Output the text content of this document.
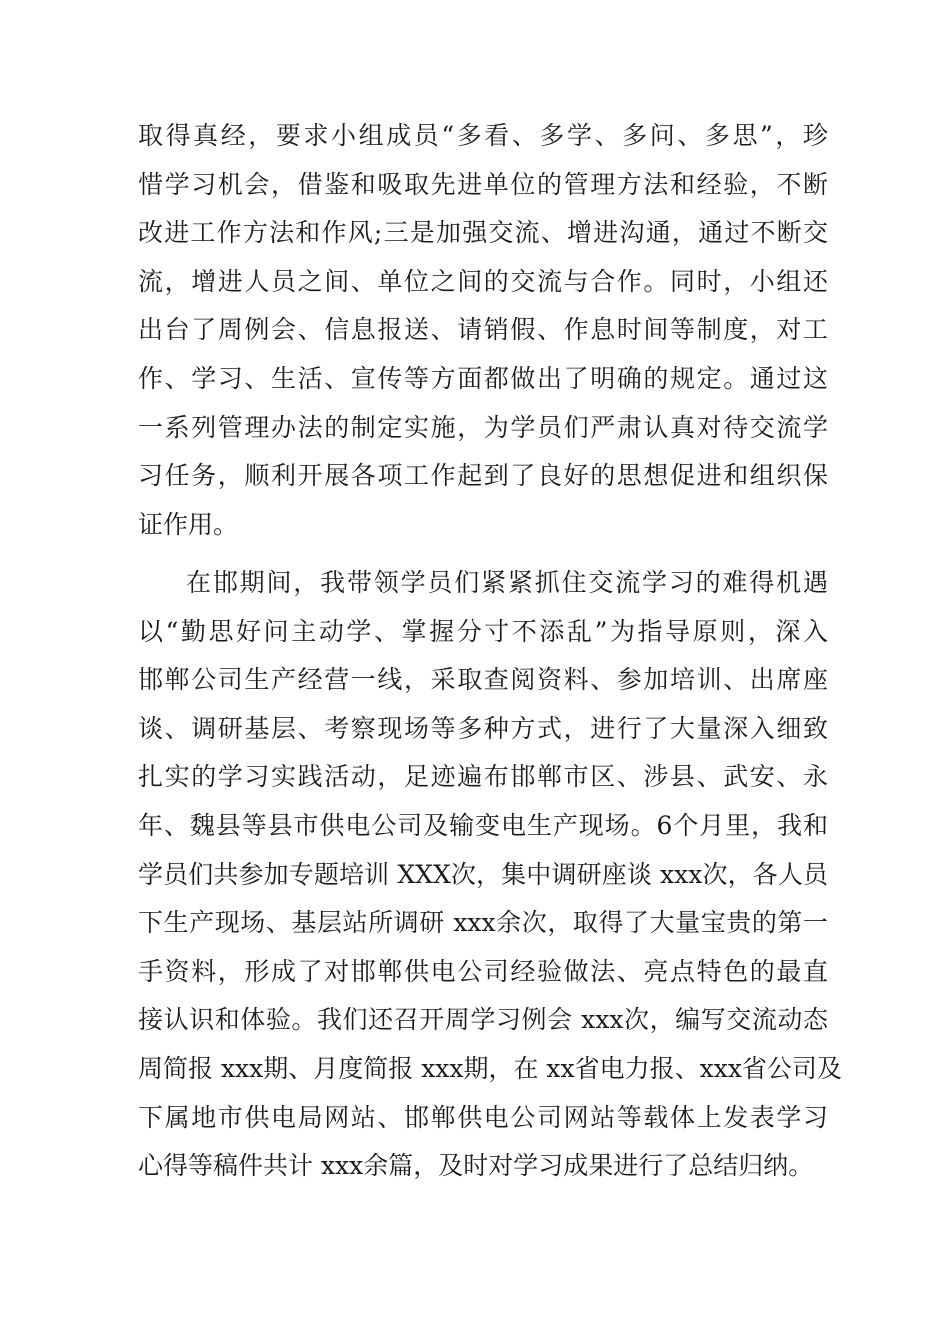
取得真经，要求小组成员“多看、多学、多问、多思”，珍
惜学习机会，借鉴和吸取先进单位的管理方法和经验，不断
改进工作方法和作风;三是加强交流、增进沟通，通过不断交
流，增进人员之间、单位之间的交流与合作。同时，小组还
出台了周例会、信息报送、请销假、作息时间等制度，对工
作、学习、生活、宣传等方面都做出了明确的规定。通过这
一系列管理办法的制定实施，为学员们严肃认真对待交流学
习任务，顺利开展各项工作起到了良好的思想促进和组织保
证作用。
在邯期间，我带领学员们紧紧抓住交流学习的难得机遇
以“勤思好问主动学、掌握分寸不添乱”为指导原则，深入
邯郸公司生产经营一线，采取查阅资料、参加培训、出席座
谈、调研基层、考察现场等多种方式，进行了大量深入细致
扎实的学习实践活动，足迹遍布邯郸市区、涉县、武安、永
年、魏县等县市供电公司及输变电生产现场。6个月里，我和
学员们共参加专题培训 XXX次，集中调研座谈 xxx次，各人员
下生产现场、基层站所调研 xxx余次，取得了大量宝贵的第一
手资料，形成了对邯郸供电公司经验做法、亮点特色的最直
接认识和体验。我们还召开周学习例会 xxx次，编写交流动态
周简报 xxx期、月度简报 xxx期，在 xx省电力报、xxx省公司及
下属地市供电局网站、邯郸供电公司网站等载体上发表学习
心得等稿件共计 xxx余篇，及时对学习成果进行了总结归纳。
